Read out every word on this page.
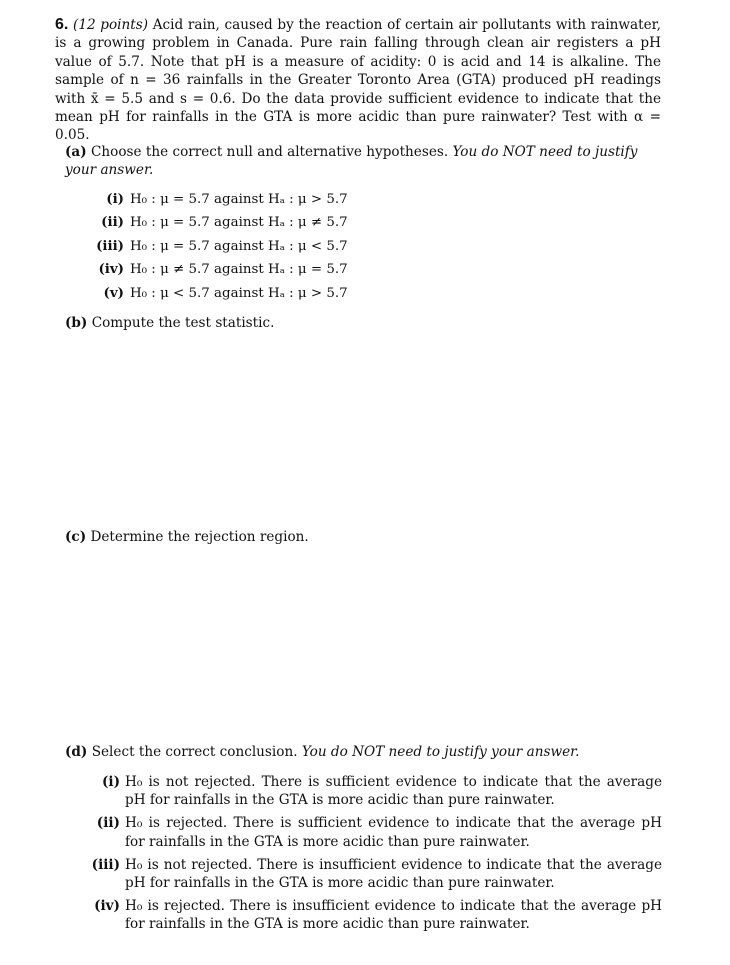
6. (12 points) Acid rain, caused by the reaction of certain air pollutants with rainwater, is a growing problem in Canada. Pure rain falling through clean air registers a pH value of 5.7. Note that pH is a measure of acidity: 0 is acid and 14 is alkaline. The sample of n = 36 rainfalls in the Greater Toronto Area (GTA) produced pH readings with x̄ = 5.5 and s = 0.6. Do the data provide sufficient evidence to indicate that the mean pH for rainfalls in the GTA is more acidic than pure rainwater? Test with α = 0.05.
(a) Choose the correct null and alternative hypotheses. You do NOT need to justify your answer.
(i) H₀ : μ = 5.7 against Hₐ : μ > 5.7
(ii) H₀ : μ = 5.7 against Hₐ : μ ≠ 5.7
(iii) H₀ : μ = 5.7 against Hₐ : μ < 5.7
(iv) H₀ : μ ≠ 5.7 against Hₐ : μ = 5.7
(v) H₀ : μ < 5.7 against Hₐ : μ > 5.7
(b) Compute the test statistic.
(c) Determine the rejection region.
(d) Select the correct conclusion. You do NOT need to justify your answer.
(i) H₀ is not rejected. There is sufficient evidence to indicate that the average pH for rainfalls in the GTA is more acidic than pure rainwater.
(ii) H₀ is rejected. There is sufficient evidence to indicate that the average pH for rainfalls in the GTA is more acidic than pure rainwater.
(iii) H₀ is not rejected. There is insufficient evidence to indicate that the average pH for rainfalls in the GTA is more acidic than pure rainwater.
(iv) H₀ is rejected. There is insufficient evidence to indicate that the average pH for rainfalls in the GTA is more acidic than pure rainwater.
